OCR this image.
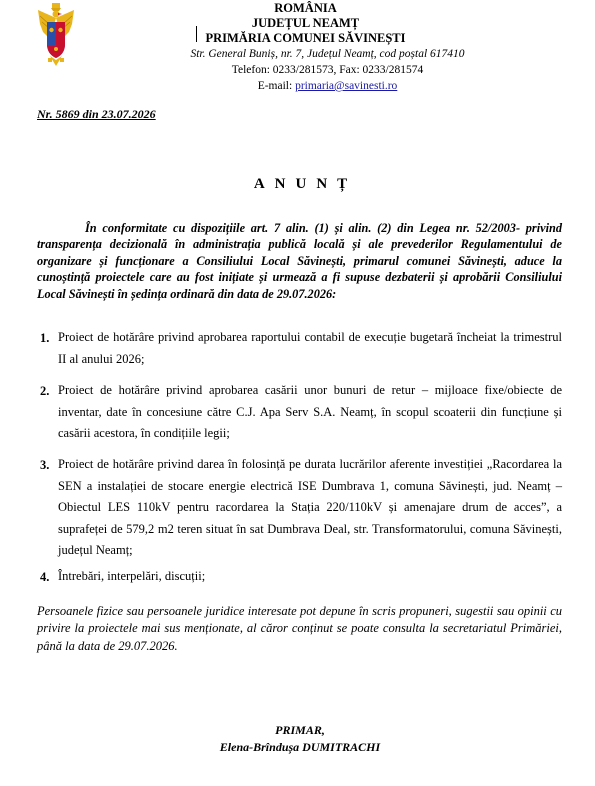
ROMÂNIA
JUDEȚUL NEAMȚ
PRIMĂRIA COMUNEI SĂVINEȘTI
Str. General Buniș, nr. 7, Județul Neamț, cod poștal 617410
Telefon: 0233/281573, Fax: 0233/281574
E-mail: primaria@savinesti.ro
Nr. 5869 din 23.07.2026
ANUNȚ
În conformitate cu dispozițiile art. 7 alin. (1) și alin. (2) din Legea nr. 52/2003- privind transparența decizională în administrația publică locală și ale prevederilor Regulamentului de organizare și funcționare a Consiliului Local Săvinești, primarul comunei Săvinești, aduce la cunoștință proiectele care au fost inițiate și urmează a fi supuse dezbaterii și aprobării Consiliului Local Săvinești în ședința ordinară din data de 29.07.2026:
1. Proiect de hotărâre privind aprobarea raportului contabil de execuție bugetară încheiat la trimestrul II al anului 2026;
2. Proiect de hotărâre privind aprobarea casării unor bunuri de retur – mijloace fixe/obiecte de inventar, date în concesiune către C.J. Apa Serv S.A. Neamț, în scopul scoaterii din funcțiune și casării acestora, în condițiile legii;
3. Proiect de hotărâre privind darea în folosință pe durata lucrărilor aferente investiției „Racordarea la SEN a instalației de stocare energie electrică ISE Dumbrava 1, comuna Săvinești, jud. Neamț – Obiectul LES 110kV pentru racordarea la Stația 220/110kV și amenajare drum de acces”, a suprafeței de 579,2 m2 teren situat în sat Dumbrava Deal, str. Transformatorului, comuna Săvinești, județul Neamț;
4. Întrebări, interpelări, discuții;
Persoanele fizice sau persoanele juridice interesate pot depune în scris propuneri, sugestii sau opinii cu privire la proiectele mai sus menționate, al căror conținut se poate consulta la secretariatul Primăriei, până la data de 29.07.2026.
PRIMAR,
Elena-Brîndușa DUMITRACHI
